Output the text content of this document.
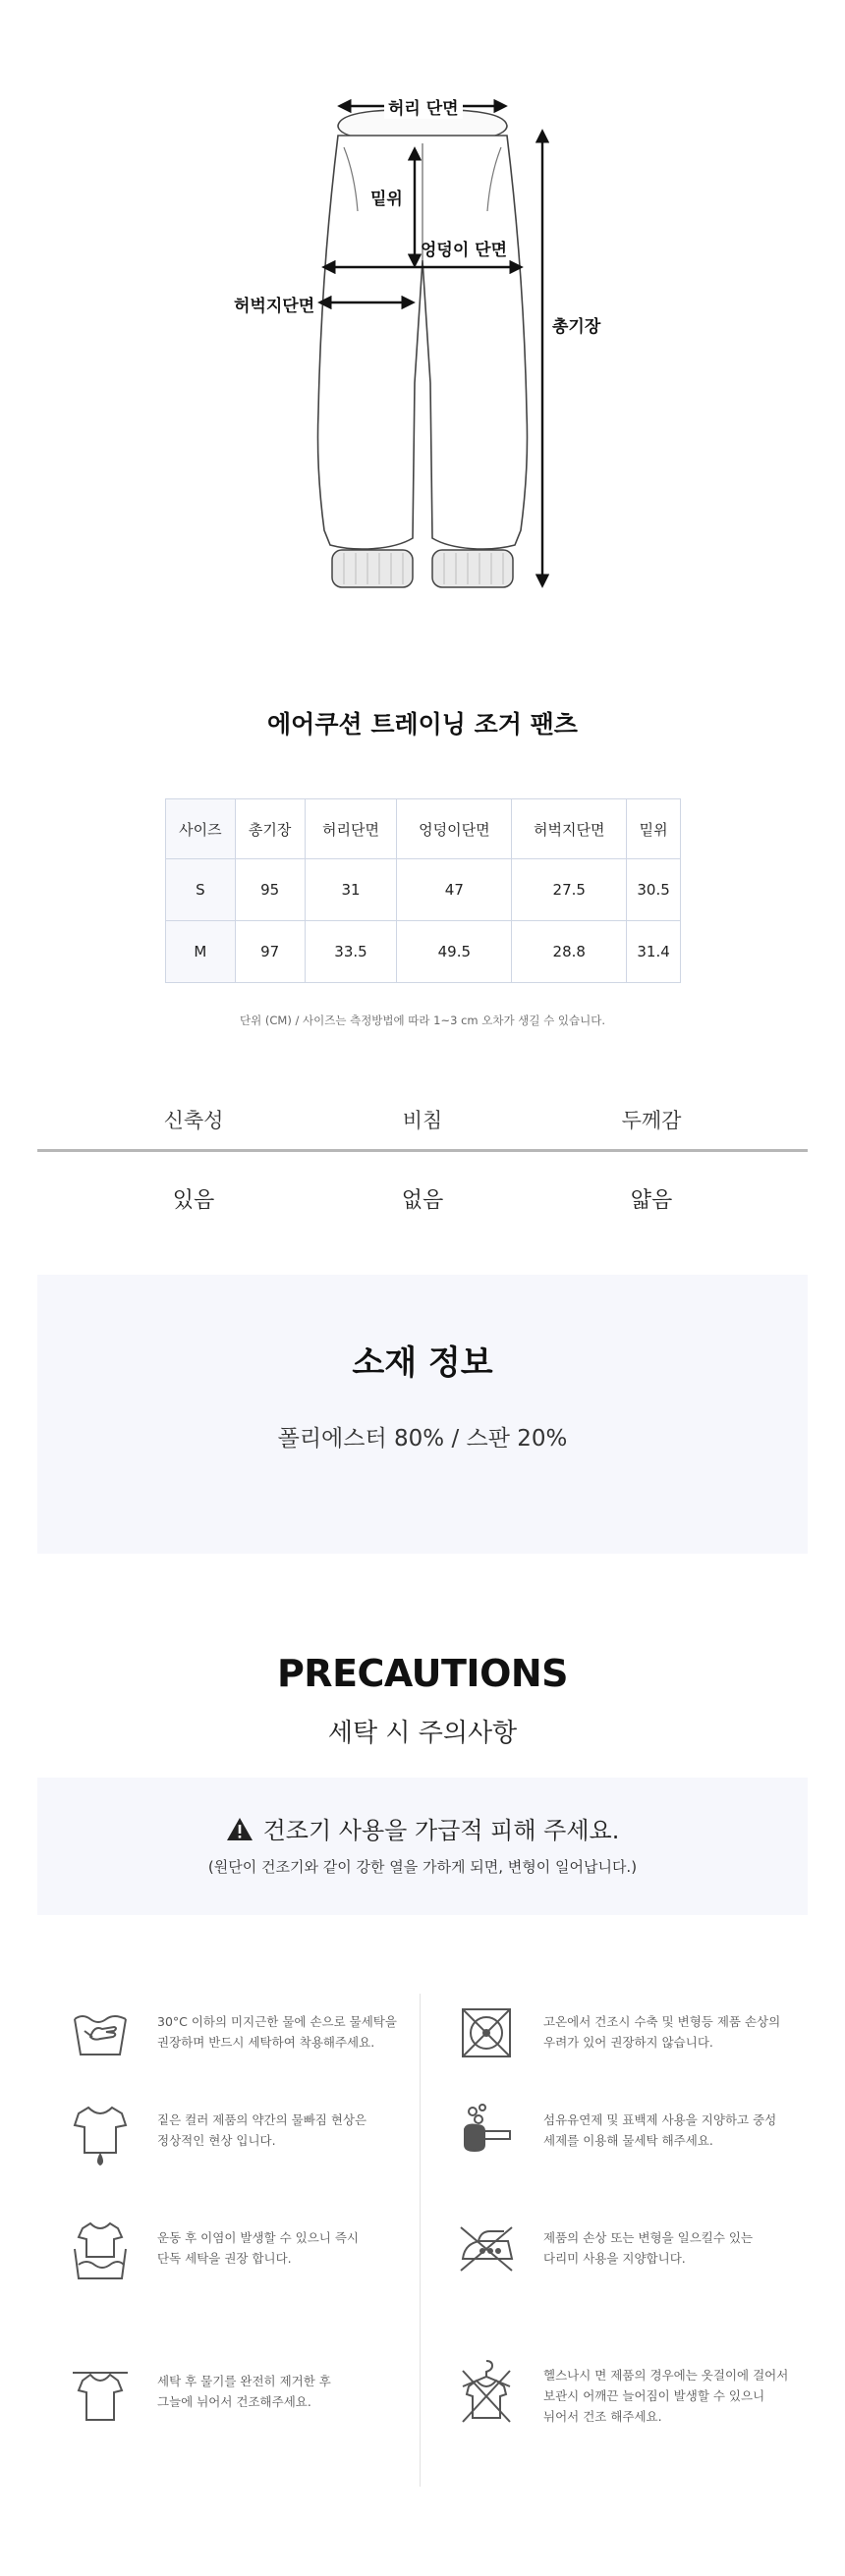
허리 단면
밑위
엉덩이 단면
허벅지단면
총기장
에어쿠션 트레이닝 조거 팬츠
사이즈	총기장	허리단면	엉덩이단면	허벅지단면	밑위
S	95	31	47	27.5	30.5
M	97	33.5	49.5	28.8	31.4
단위 (CM) / 사이즈는 측정방법에 따라 1~3 cm 오차가 생길 수 있습니다.
신축성	비침	두께감
있음	없음	얇음
소재 정보
폴리에스터 80% / 스판 20%
PRECAUTIONS
세탁 시 주의사항
건조기 사용을 가급적 피해 주세요.
(원단이 건조기와 같이 강한 열을 가하게 되면, 변형이 일어납니다.)
30°C 이하의 미지근한 물에 손으로 물세탁을
권장하며 반드시 세탁하여 착용해주세요.
고온에서 건조시 수축 및 변형등 제품 손상의
우려가 있어 권장하지 않습니다.
짙은 컬러 제품의 약간의 물빠짐 현상은
정상적인 현상 입니다.
섬유유연제 및 표백제 사용을 지양하고 중성
세제를 이용해 물세탁 해주세요.
운동 후 이염이 발생할 수 있으니 즉시
단독 세탁을 권장 합니다.
제품의 손상 또는 변형을 일으킬수 있는
다리미 사용을 지양합니다.
세탁 후 물기를 완전히 제거한 후
그늘에 뉘어서 건조해주세요.
헬스나시 면 제품의 경우에는 옷걸이에 걸어서
보관시 어깨끈 늘어짐이 발생할 수 있으니
뉘어서 건조 해주세요.
